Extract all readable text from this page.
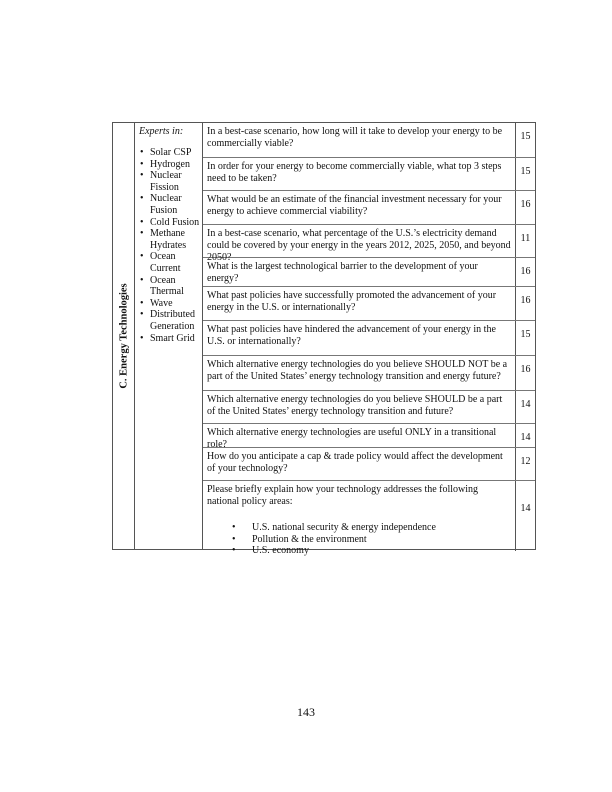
C. Energy Technologies
Experts in:
• Solar CSP
• Hydrogen
• Nuclear Fission
• Nuclear Fusion
• Cold Fusion
• Methane Hydrates
• Ocean Current
• Ocean Thermal
• Wave
• Distributed Generation
• Smart Grid
In a best-case scenario, how long will it take to develop your energy to be commercially viable?
15
In order for your energy to become commercially viable, what top 3 steps need to be taken?
15
What would be an estimate of the financial investment necessary for your energy to achieve commercial viability?
16
In a best-case scenario, what percentage of the U.S.’s electricity demand could be covered by your energy in the years 2012, 2025, 2050, and beyond 2050?
11
What is the largest technological barrier to the development of your energy?
16
What past policies have successfully promoted the advancement of your energy in the U.S. or internationally?
16
What past policies have hindered the advancement of your energy in the U.S. or internationally?
15
Which alternative energy technologies do you believe SHOULD NOT be a part of the United States’ energy technology transition and energy future?
16
Which alternative energy technologies do you believe SHOULD be a part of the United States’ energy technology transition and future?
14
Which alternative energy technologies are useful ONLY in a transitional role?
14
How do you anticipate a cap & trade policy would affect the development of your technology?
12
Please briefly explain how your technology addresses the following national policy areas:
• U.S. national security & energy independence
• Pollution & the environment
• U.S. economy
14
143
